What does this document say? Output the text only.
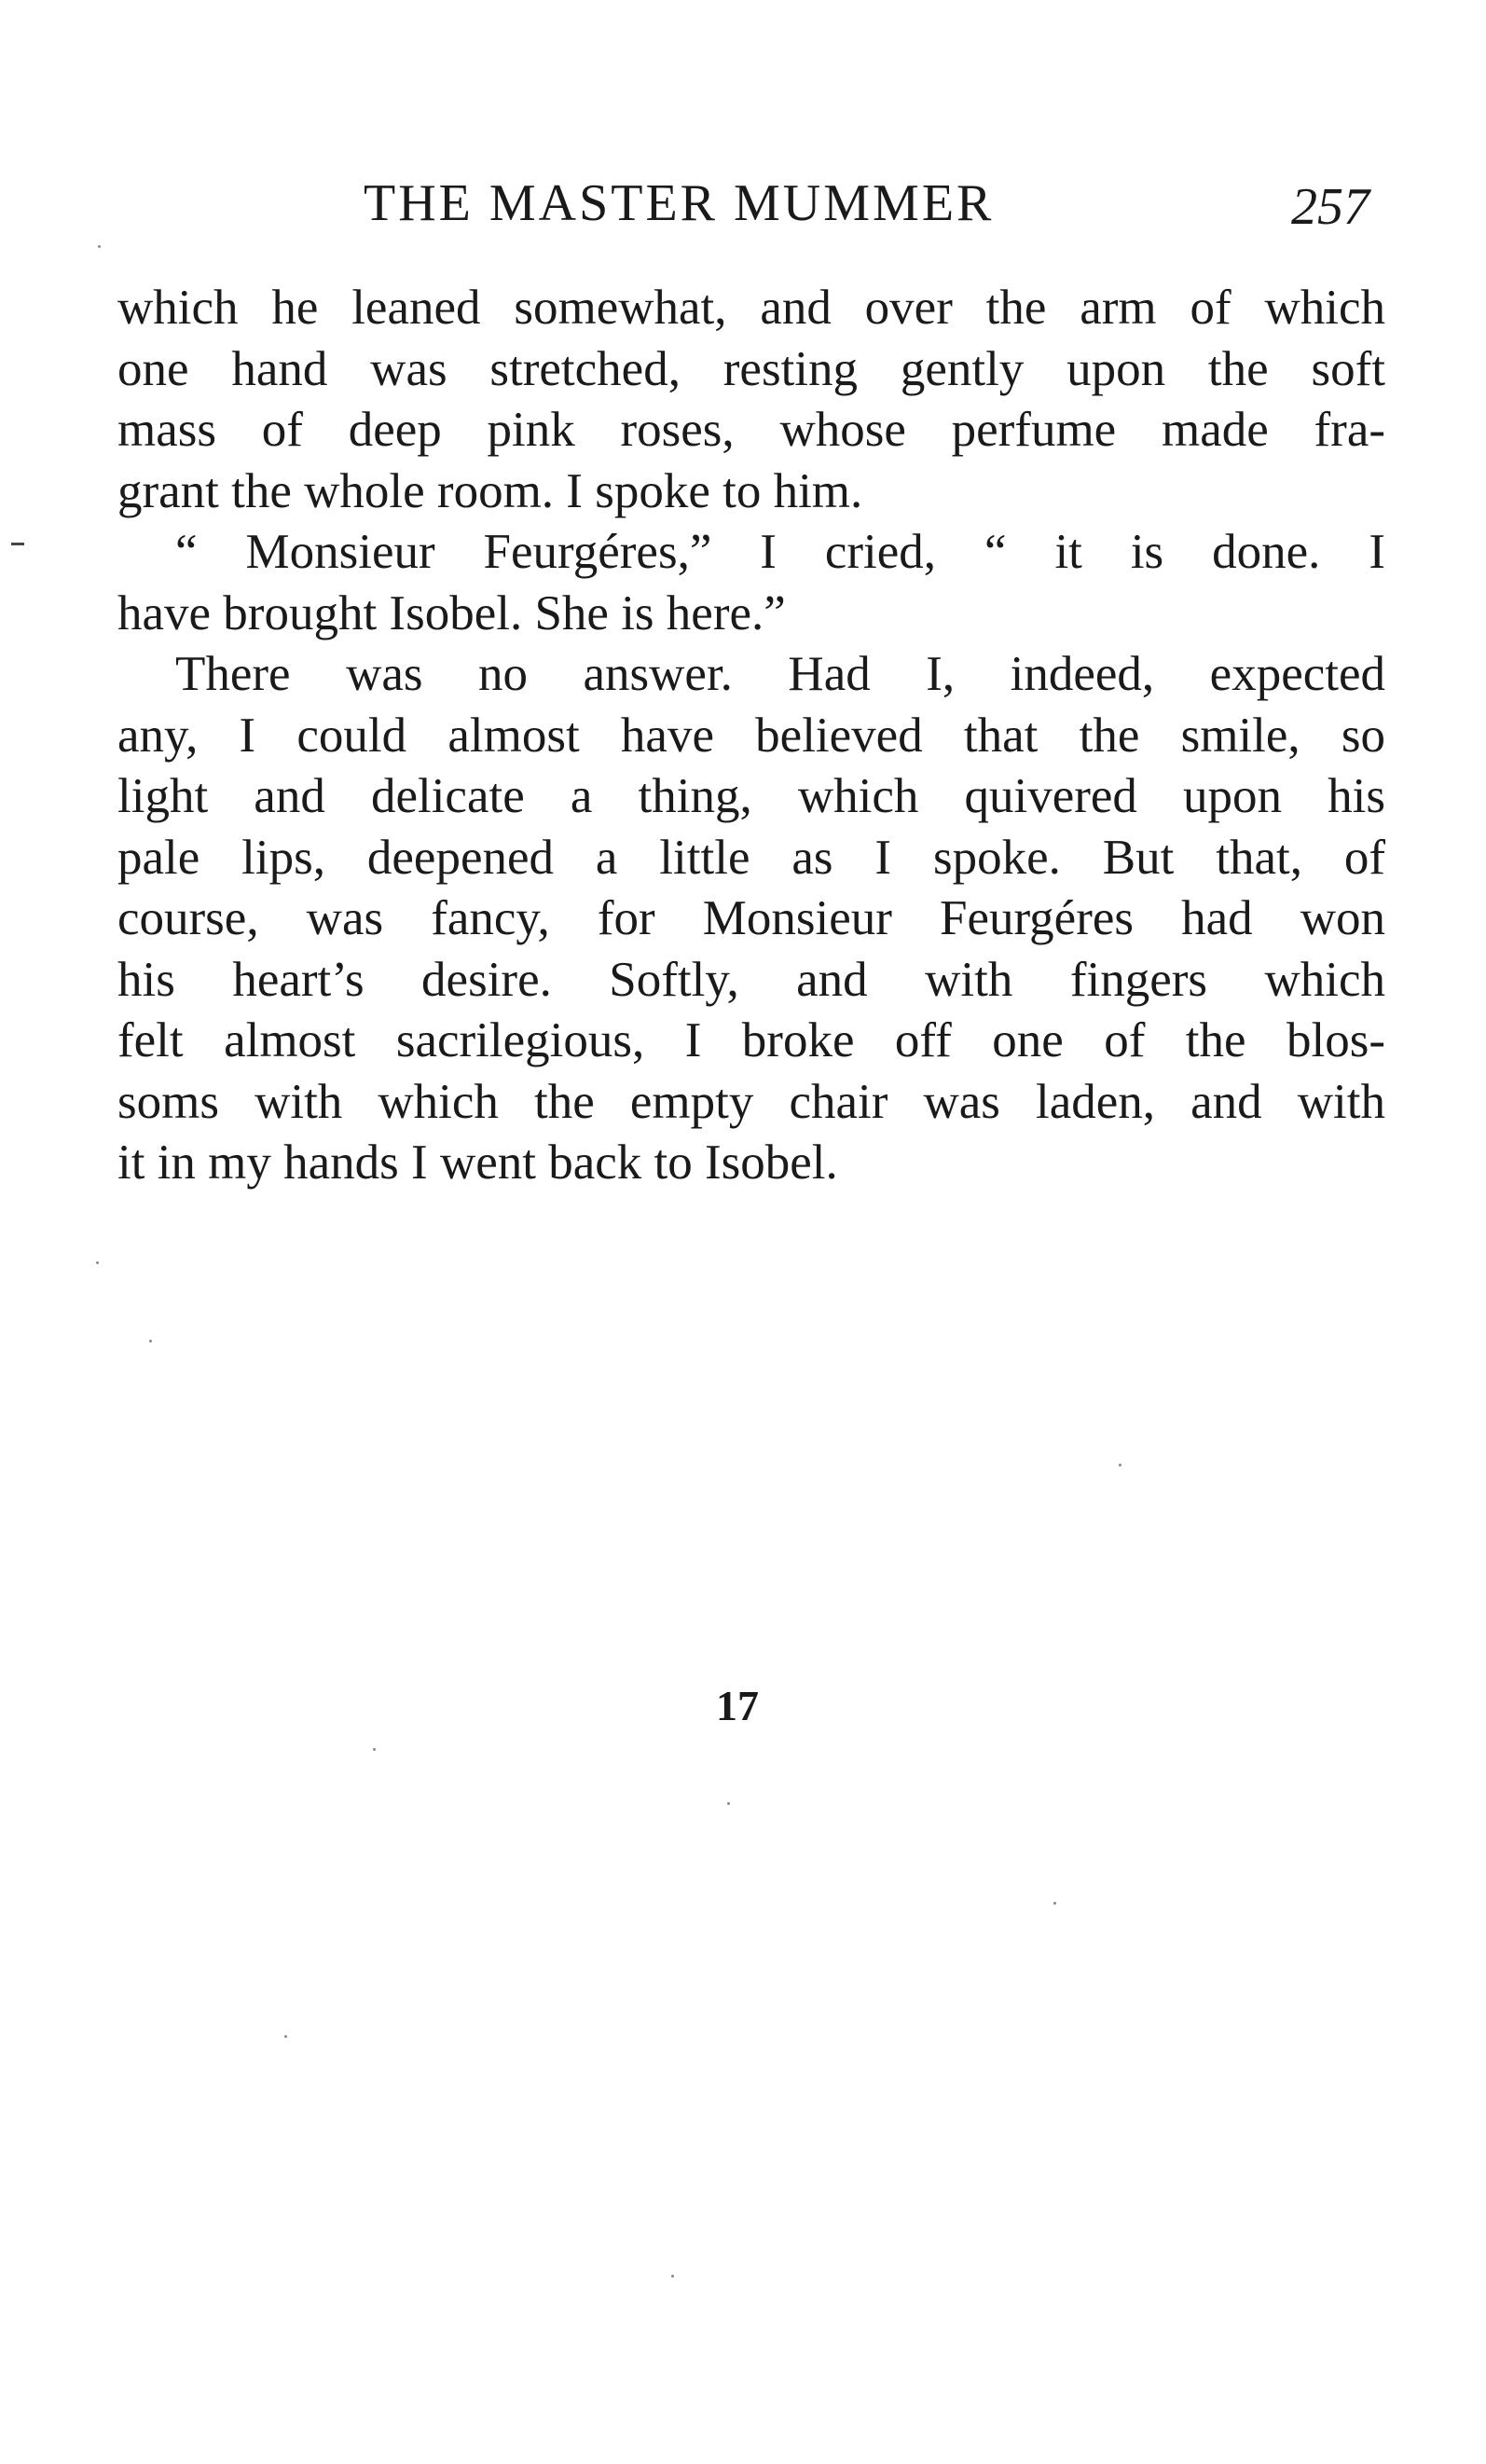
THE MASTER MUMMER	257

which he leaned somewhat, and over the arm of which

one hand was stretched, resting gently upon the soft

mass of deep pink roses, whose perfume made fra-

grant the whole room. I spoke to him.

“ Monsieur Feurgéres,” I cried, “ it is done. I

have brought Isobel. She is here.”

There was no answer. Had I, indeed, expected

any, I could almost have believed that the smile, so

light and delicate a thing, which quivered upon his

pale lips, deepened a little as I spoke. But that, of

course, was fancy, for Monsieur Feurgéres had won

his heart’s desire. Softly, and with fingers which

felt almost sacrilegious, I broke off one of the blos-

soms with which the empty chair was laden, and with

it in my hands I went back to Isobel.

17
